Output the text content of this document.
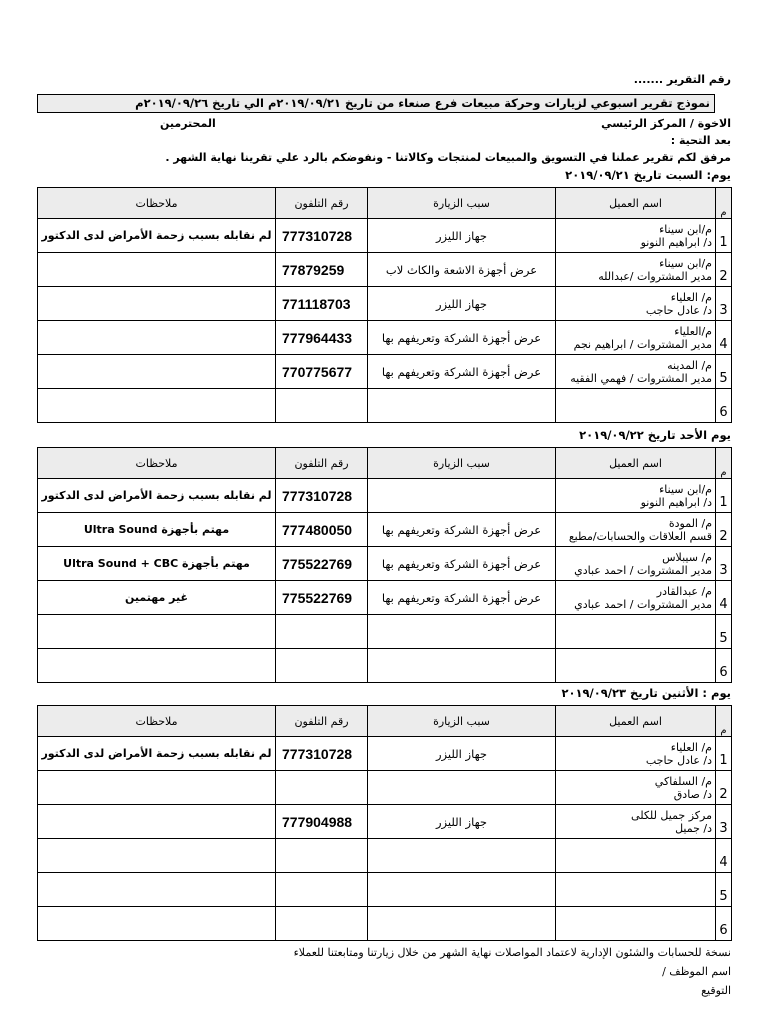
رقم التقرير .......
نموذج تقرير اسبوعي لزيارات وحركة مبيعات فرع صنعاء من تاريخ ٢٠١٩/٠٩/٢١م الي تاريخ ٢٠١٩/٠٩/٢٦م
الاخوة / المركز الرئيسي
المحترمين
بعد التحية :
مرفق لكم تقرير عملنا في التسويق والمبيعات لمنتجات وكالاتنا - ونفوضكم بالرد علي تقرينا نهاية الشهر .
يوم: السبت تاريخ ٢٠١٩/٠٩/٢١
م	اسم العميل	سبب الزيارة	رقم التلفون	ملاحظات
1	م/ابن سيناء
د/ ابراهيم النونو	جهاز الليزر	777310728	لم نقابله بسبب زحمة الأمراض لدى الدكتور
2	م/ابن سيناء
مدير المشتروات /عبدالله	عرض أجهزة الاشعة والكاث لاب	77879259	
3	م/ العلياء
د/ عادل حاجب	جهاز الليزر	771118703	
4	م/العلياء
مدير المشتروات / ابراهيم نجم	عرض أجهزة الشركة وتعريفهم بها	777964433	
5	م/ المدينه
مدير المشتروات / فهمي الفقيه	عرض أجهزة الشركة وتعريفهم بها	770775677	
6	

يوم الأحد تاريخ ٢٠١٩/٠٩/٢٢
م	اسم العميل	سبب الزيارة	رقم التلفون	ملاحظات
1	م/ابن سيناء
د/ ابراهيم النونو		777310728	لم نقابله بسبب زحمة الأمراض لدى الدكتور
2	م/ المودة
قسم العلاقات والحسابات/مطبع	عرض أجهزة الشركة وتعريفهم بها	777480050	مهتم بأجهزة Ultra Sound
3	م/ سيبلاس
مدير المشتروات / احمد عبادي	عرض أجهزة الشركة وتعريفهم بها	775522769	مهتم بأجهزة Ultra Sound + CBC
4	م/ عبدالقادر
مدير المشتروات / احمد عبادي	عرض أجهزة الشركة وتعريفهم بها	775522769	غير مهتمين
5	

6	

يوم : الأثنين تاريخ ٢٠١٩/٠٩/٢٣
م	اسم العميل	سبب الزيارة	رقم التلفون	ملاحظات
1	م/ العلياء
د/ عادل حاجب	جهاز الليزر	777310728	لم نقابله بسبب زحمة الأمراض لدى الدكتور
2	م/ السلفاكي
د/ صادق			

3	مركز جميل للكلى
د/ جميل	جهاز الليزر	777904988	
4	

5	

6	

نسخة للحسابات والشئون الإدارية لاعتماد المواصلات نهاية الشهر من خلال زيارتنا ومتابعتنا للعملاء
اسم الموظف /
التوقيع
